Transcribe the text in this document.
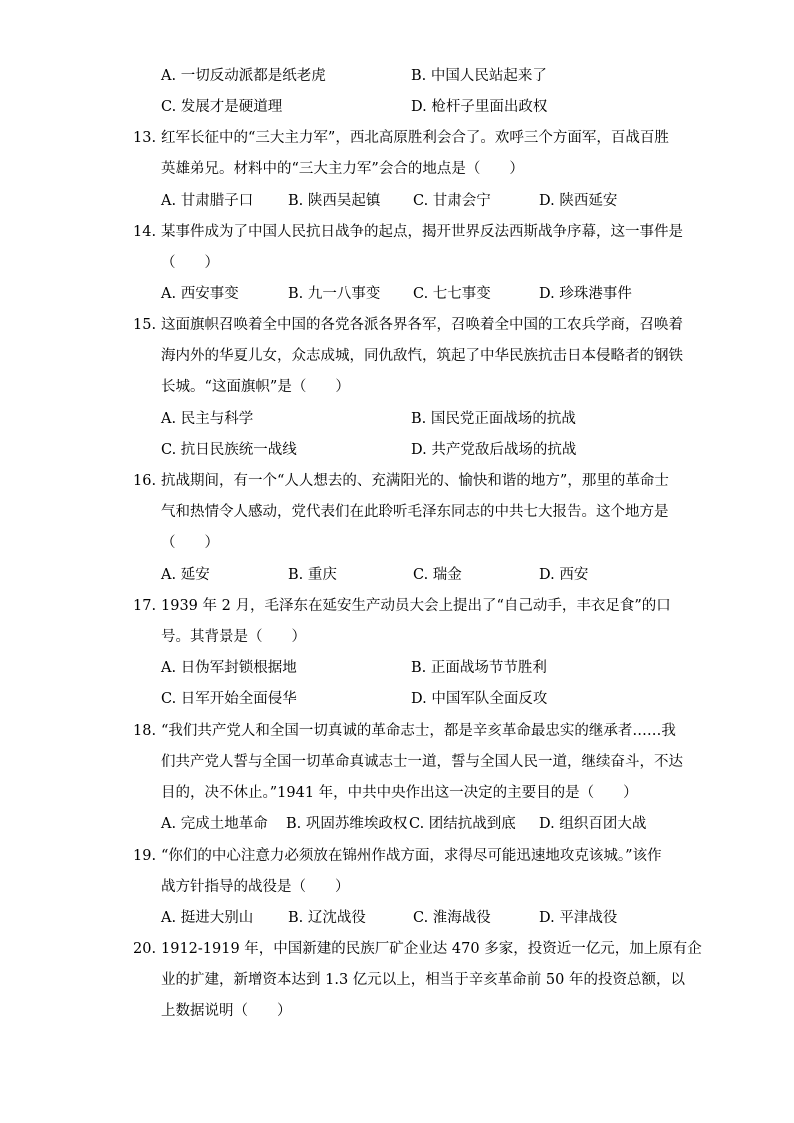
A. 一切反动派都是纸老虎	B. 中国人民站起来了
C. 发展才是硬道理	D. 枪杆子里面出政权
13. 红军长征中的“三大主力军”，西北高原胜利会合了。欢呼三个方面军，百战百胜
英雄弟兄。材料中的“三大主力军”会合的地点是（　　）
A. 甘肃腊子口 B. 陕西吴起镇 C. 甘肃会宁	D. 陕西延安
14. 某事件成为了中国人民抗日战争的起点，揭开世界反法西斯战争序幕，这一事件是
（　　）
A. 西安事变	B. 九一八事变 C. 七七事变	D. 珍珠港事件
15. 这面旗帜召唤着全中国的各党各派各界各军，召唤着全中国的工农兵学商，召唤着
海内外的华夏儿女，众志成城，同仇敌忾，筑起了中华民族抗击日本侵略者的钢铁
长城。“这面旗帜”是（　　）
A. 民主与科学	B. 国民党正面战场的抗战
C. 抗日民族统一战线	D. 共产党敌后战场的抗战
16. 抗战期间，有一个“人人想去的、充满阳光的、愉快和谐的地方”，那里的革命士
气和热情令人感动，党代表们在此聆听毛泽东同志的中共七大报告。这个地方是
（　　）
A. 延安	B. 重庆	C. 瑞金	D. 西安
17. 1939 年 2 月，毛泽东在延安生产动员大会上提出了“自己动手，丰衣足食”的口
号。其背景是（　　）
A. 日伪军封锁根据地	B. 正面战场节节胜利
C. 日军开始全面侵华	D. 中国军队全面反攻
18. “我们共产党人和全国一切真诚的革命志士，都是辛亥革命最忠实的继承者……我
们共产党人誓与全国一切革命真诚志士一道，誓与全国人民一道，继续奋斗，不达
目的，决不休止。”1941 年，中共中央作出这一决定的主要目的是（　　）
A. 完成土地革命 B. 巩固苏维埃政权 C. 团结抗战到底 D. 组织百团大战
19. “你们的中心注意力必须放在锦州作战方面，求得尽可能迅速地攻克该城。”该作
战方针指导的战役是（　　）
A. 挺进大别山 B. 辽沈战役	C. 淮海战役	D. 平津战役
20. 1912-1919 年，中国新建的民族厂矿企业达 470 多家，投资近一亿元，加上原有企
业的扩建，新增资本达到 1.3 亿元以上，相当于辛亥革命前 50 年的投资总额，以
上数据说明（　　）
